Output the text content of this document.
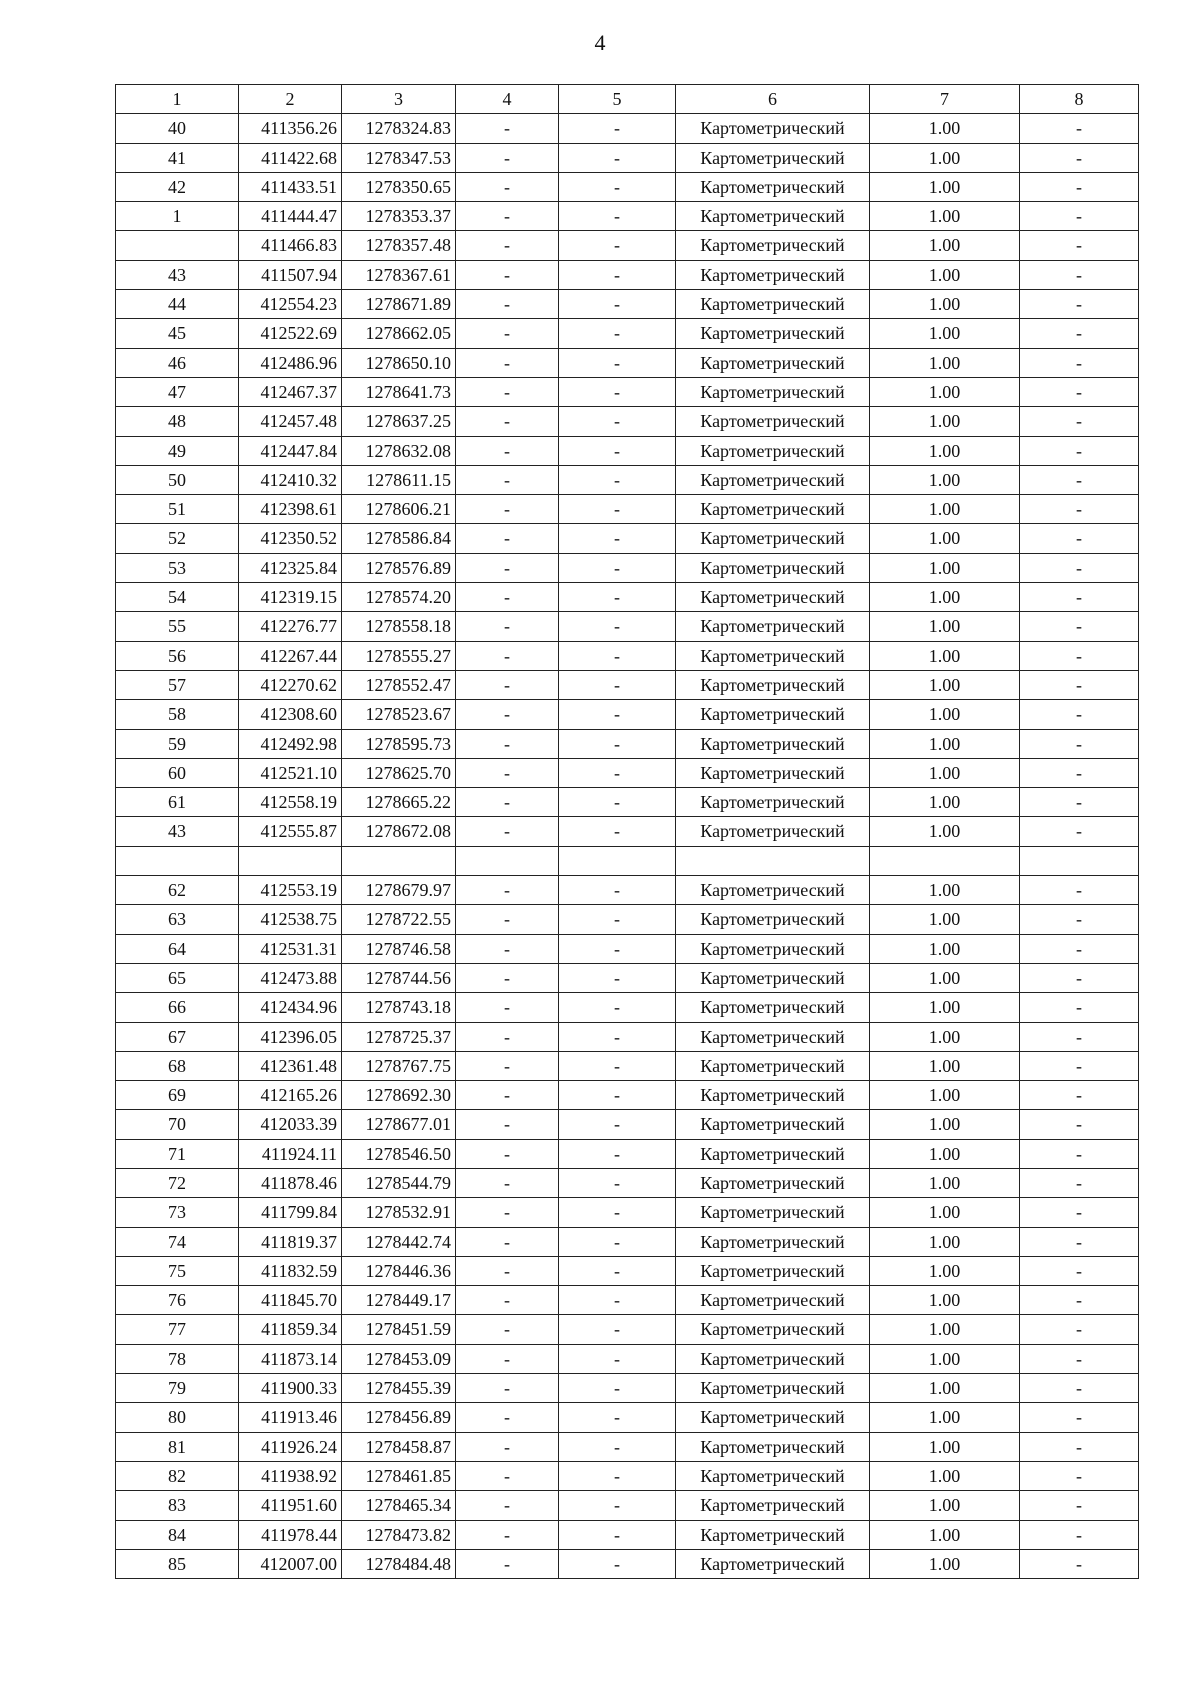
4
1	2	3	4	5	6	7	8
40	411356.26	1278324.83	-	-	Картометрический	1.00	-
41	411422.68	1278347.53	-	-	Картометрический	1.00	-
42	411433.51	1278350.65	-	-	Картометрический	1.00	-
1	411444.47	1278353.37	-	-	Картометрический	1.00	-
	411466.83	1278357.48	-	-	Картометрический	1.00	-
43	411507.94	1278367.61	-	-	Картометрический	1.00	-
44	412554.23	1278671.89	-	-	Картометрический	1.00	-
45	412522.69	1278662.05	-	-	Картометрический	1.00	-
46	412486.96	1278650.10	-	-	Картометрический	1.00	-
47	412467.37	1278641.73	-	-	Картометрический	1.00	-
48	412457.48	1278637.25	-	-	Картометрический	1.00	-
49	412447.84	1278632.08	-	-	Картометрический	1.00	-
50	412410.32	1278611.15	-	-	Картометрический	1.00	-
51	412398.61	1278606.21	-	-	Картометрический	1.00	-
52	412350.52	1278586.84	-	-	Картометрический	1.00	-
53	412325.84	1278576.89	-	-	Картометрический	1.00	-
54	412319.15	1278574.20	-	-	Картометрический	1.00	-
55	412276.77	1278558.18	-	-	Картометрический	1.00	-
56	412267.44	1278555.27	-	-	Картометрический	1.00	-
57	412270.62	1278552.47	-	-	Картометрический	1.00	-
58	412308.60	1278523.67	-	-	Картометрический	1.00	-
59	412492.98	1278595.73	-	-	Картометрический	1.00	-
60	412521.10	1278625.70	-	-	Картометрический	1.00	-
61	412558.19	1278665.22	-	-	Картометрический	1.00	-
43	412555.87	1278672.08	-	-	Картометрический	1.00	-

62	412553.19	1278679.97	-	-	Картометрический	1.00	-
63	412538.75	1278722.55	-	-	Картометрический	1.00	-
64	412531.31	1278746.58	-	-	Картометрический	1.00	-
65	412473.88	1278744.56	-	-	Картометрический	1.00	-
66	412434.96	1278743.18	-	-	Картометрический	1.00	-
67	412396.05	1278725.37	-	-	Картометрический	1.00	-
68	412361.48	1278767.75	-	-	Картометрический	1.00	-
69	412165.26	1278692.30	-	-	Картометрический	1.00	-
70	412033.39	1278677.01	-	-	Картометрический	1.00	-
71	411924.11	1278546.50	-	-	Картометрический	1.00	-
72	411878.46	1278544.79	-	-	Картометрический	1.00	-
73	411799.84	1278532.91	-	-	Картометрический	1.00	-
74	411819.37	1278442.74	-	-	Картометрический	1.00	-
75	411832.59	1278446.36	-	-	Картометрический	1.00	-
76	411845.70	1278449.17	-	-	Картометрический	1.00	-
77	411859.34	1278451.59	-	-	Картометрический	1.00	-
78	411873.14	1278453.09	-	-	Картометрический	1.00	-
79	411900.33	1278455.39	-	-	Картометрический	1.00	-
80	411913.46	1278456.89	-	-	Картометрический	1.00	-
81	411926.24	1278458.87	-	-	Картометрический	1.00	-
82	411938.92	1278461.85	-	-	Картометрический	1.00	-
83	411951.60	1278465.34	-	-	Картометрический	1.00	-
84	411978.44	1278473.82	-	-	Картометрический	1.00	-
85	412007.00	1278484.48	-	-	Картометрический	1.00	-
